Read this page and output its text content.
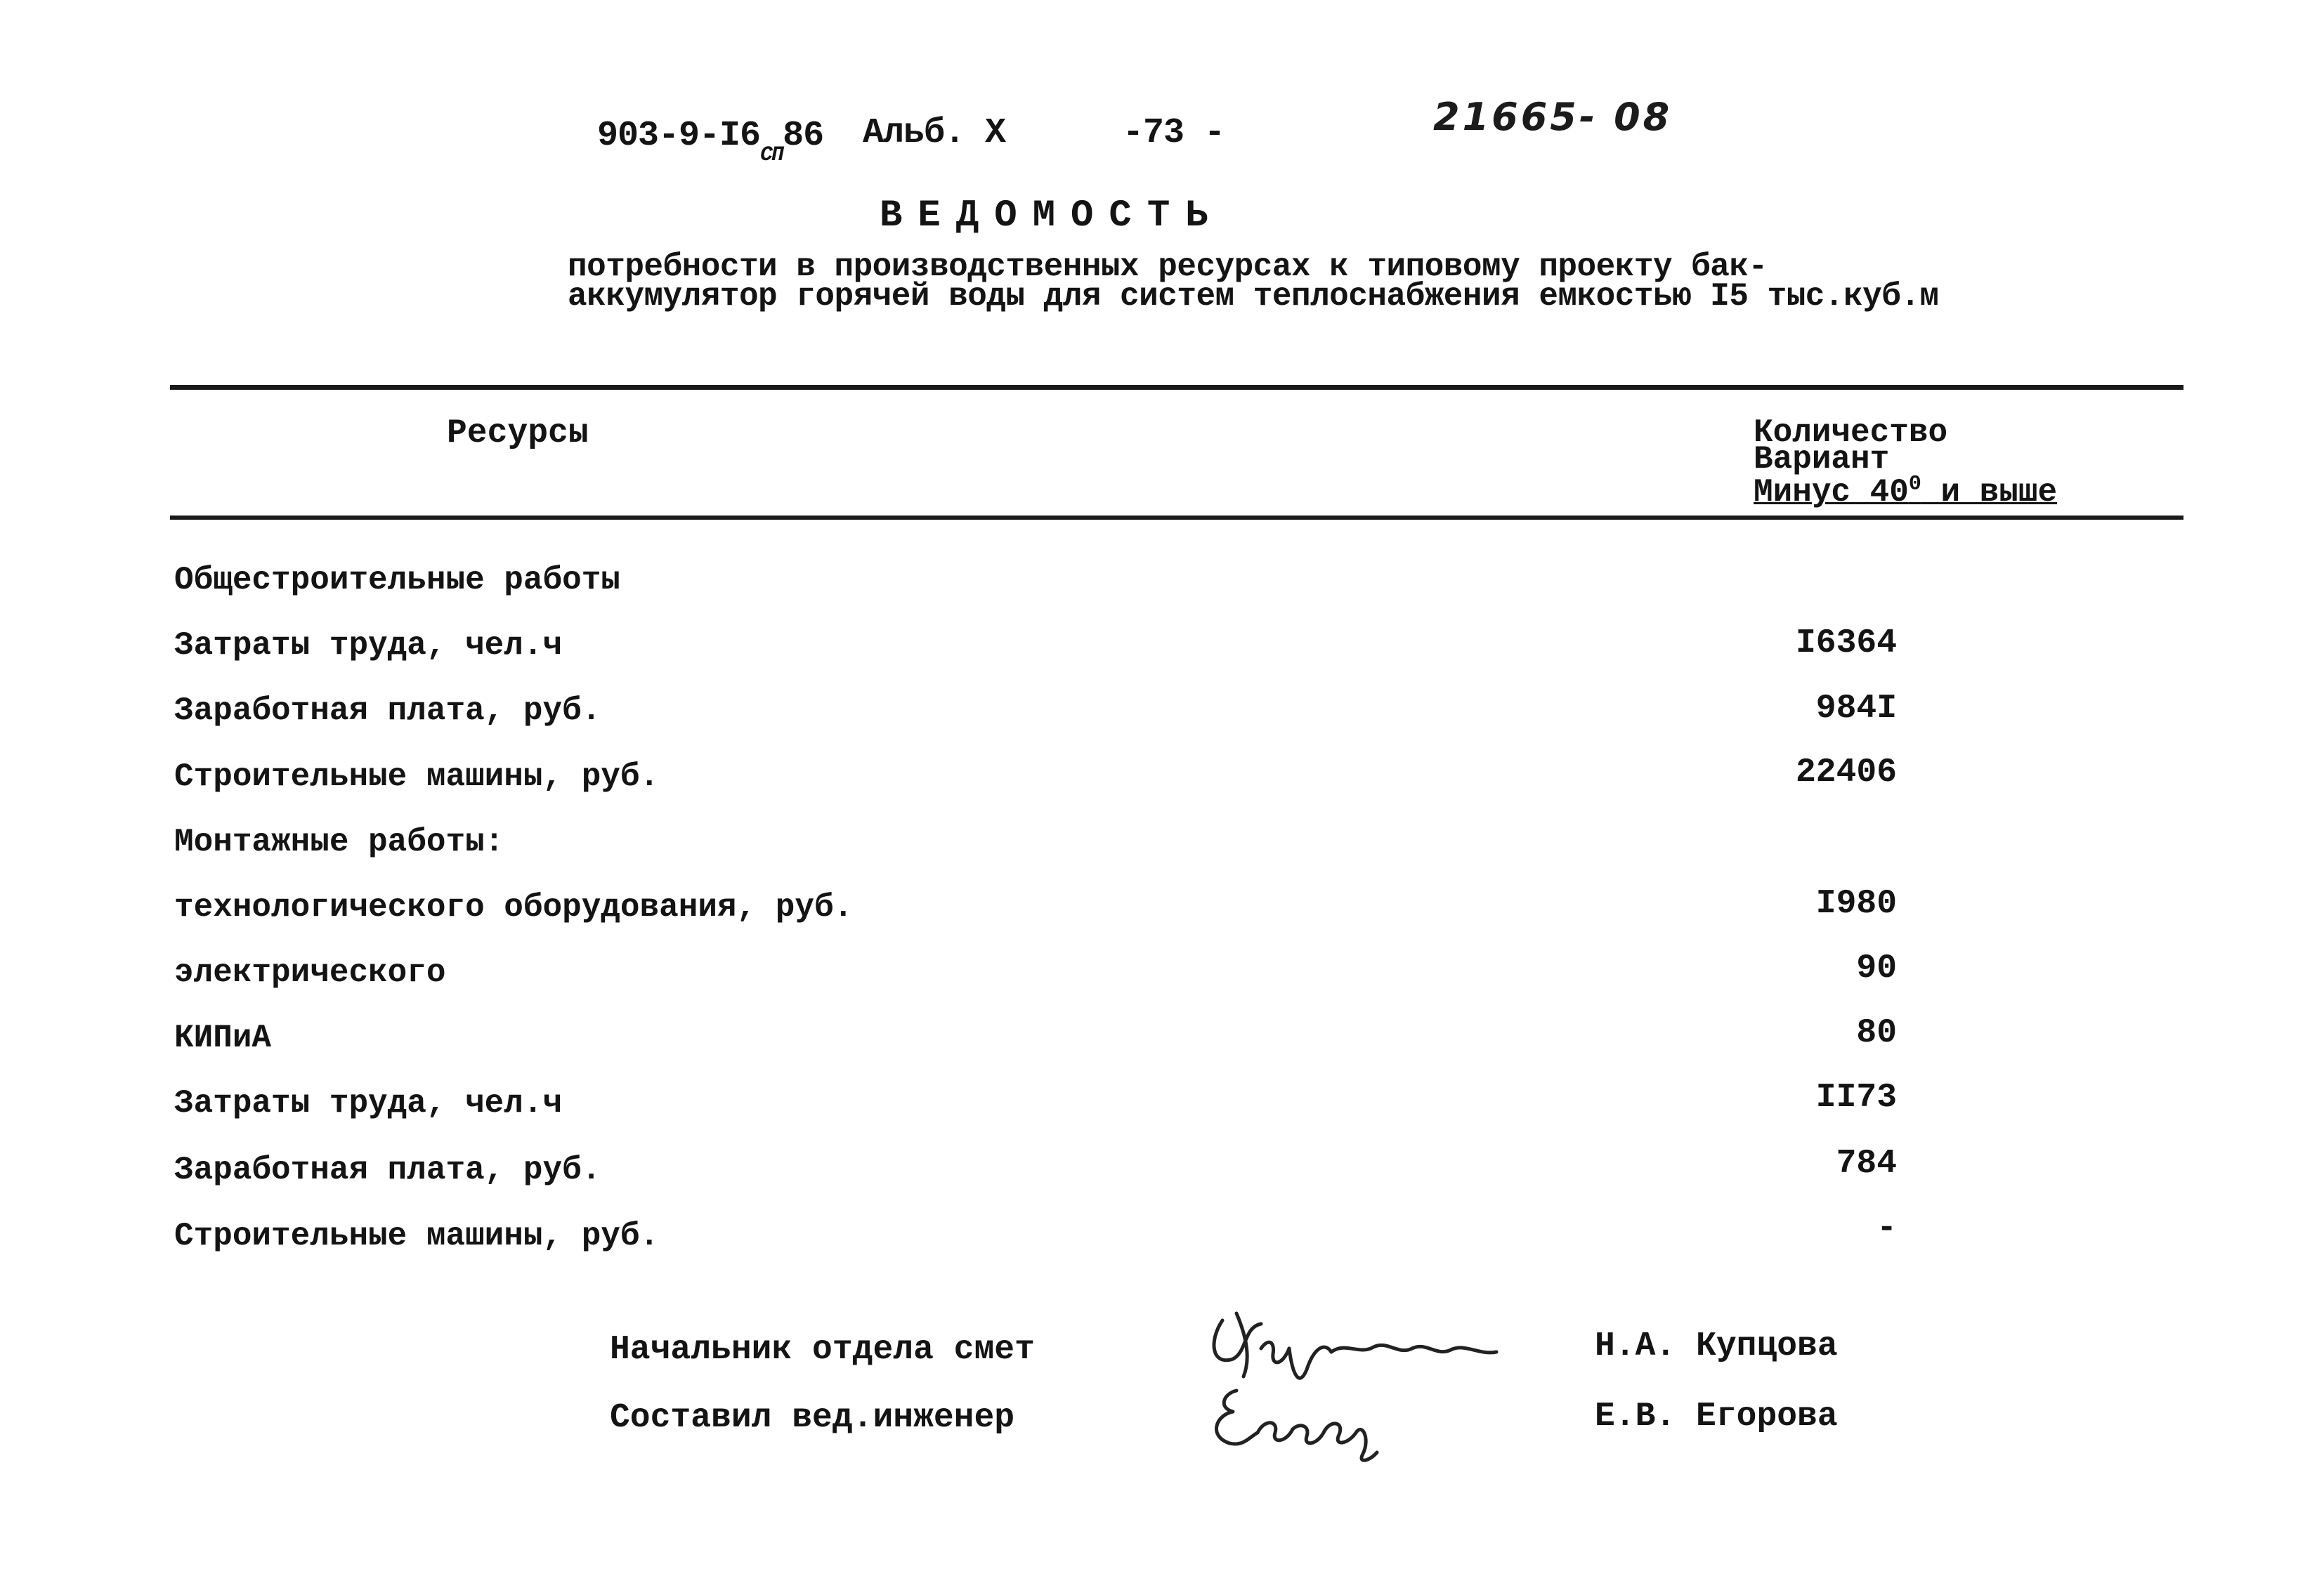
$903-9-I6_{СП}86$ Альб. X	-73 -	21665- 08
ВЕДОМОСТЬ
потребности в производственных ресурсах к типовому проекту бак-
аккумулятор горячей воды для систем теплоснабжения емкостью I5 тыс.куб.м
Ресурсы	Количество
Вариант
Минус $40^0$ и выше
Общестроительные работы
Затраты труда, чел.ч	I6364
Заработная плата, руб.	984I
Строительные машины, руб.	22406
Монтажные работы:
технологического оборудования, руб.	I980
электрического	90
КИПиА	80
Затраты труда, чел.ч	II73
Заработная плата, руб.	784
Строительные машины, руб.	-
Начальник отдела смет	Н.А. Купцова
Составил вед.инженер	Е.В. Егорова
